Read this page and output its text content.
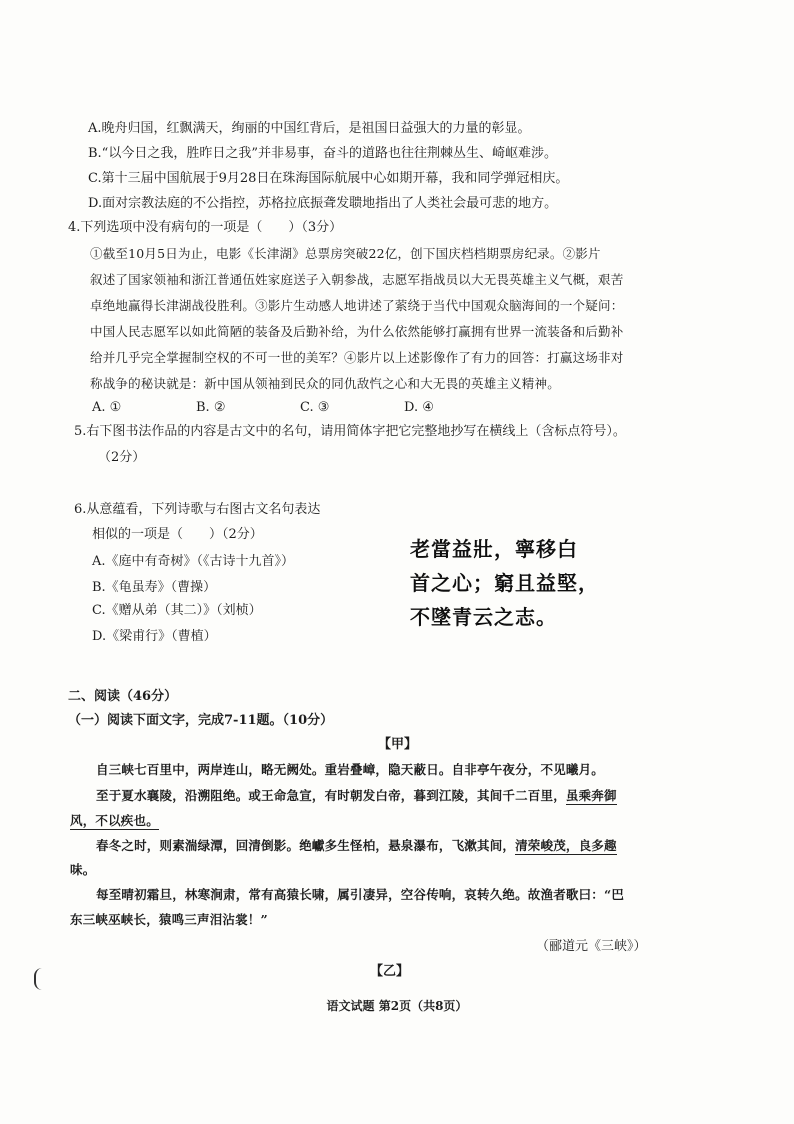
A.晚舟归国，红飘满天，绚丽的中国红背后，是祖国日益强大的力量的彰显。
B.“以今日之我，胜昨日之我”并非易事，奋斗的道路也往往荆棘丛生、崎岖难涉。
C.第十三届中国航展于9月28日在珠海国际航展中心如期开幕，我和同学弹冠相庆。
D.面对宗教法庭的不公指控，苏格拉底振聋发聩地指出了人类社会最可悲的地方。
4.下列选项中没有病句的一项是（　　）（3分）
①截至10月5日为止，电影《长津湖》总票房突破22亿，创下国庆档档期票房纪录。②影片
叙述了国家领袖和浙江普通伍姓家庭送子入朝参战，志愿军指战员以大无畏英雄主义气概，艰苦
卓绝地赢得长津湖战役胜利。③影片生动感人地讲述了萦绕于当代中国观众脑海间的一个疑问：
中国人民志愿军以如此简陋的装备及后勤补给，为什么依然能够打赢拥有世界一流装备和后勤补
给并几乎完全掌握制空权的不可一世的美军？④影片以上述影像作了有力的回答：打赢这场非对
称战争的秘诀就是：新中国从领袖到民众的同仇敌忾之心和大无畏的英雄主义精神。
A. ①	B. ②	C. ③	D. ④
5.右下图书法作品的内容是古文中的名句，请用简体字把它完整地抄写在横线上（含标点符号）。
（2分）
6.从意蕴看，下列诗歌与右图古文名句表达
相似的一项是（　　）（2分）
A.《庭中有奇树》（《古诗十九首》）
B.《龟虽寿》（曹操）
C.《赠从弟（其二）》（刘桢）
D.《梁甫行》（曹植）
老當益壯，寧移白
首之心；窮且益堅，
不墜青云之志。
二、阅读（46分）
（一）阅读下面文字，完成7-11题。（10分）
【甲】
自三峡七百里中，两岸连山，略无阙处。重岩叠嶂，隐天蔽日。自非亭午夜分，不见曦月。
至于夏水襄陵，沿溯阻绝。或王命急宣，有时朝发白帝，暮到江陵，其间千二百里，虽乘奔御
风，不以疾也。
春冬之时，则素湍绿潭，回清倒影。绝巘多生怪柏，悬泉瀑布，飞漱其间，清荣峻茂，良多趣
味。
每至晴初霜旦，林寒涧肃，常有高猿长啸，属引凄异，空谷传响，哀转久绝。故渔者歌曰：“巴
东三峡巫峡长，猿鸣三声泪沾裳！”
（郦道元《三峡》）
【乙】
语文试题 第2页（共8页）
